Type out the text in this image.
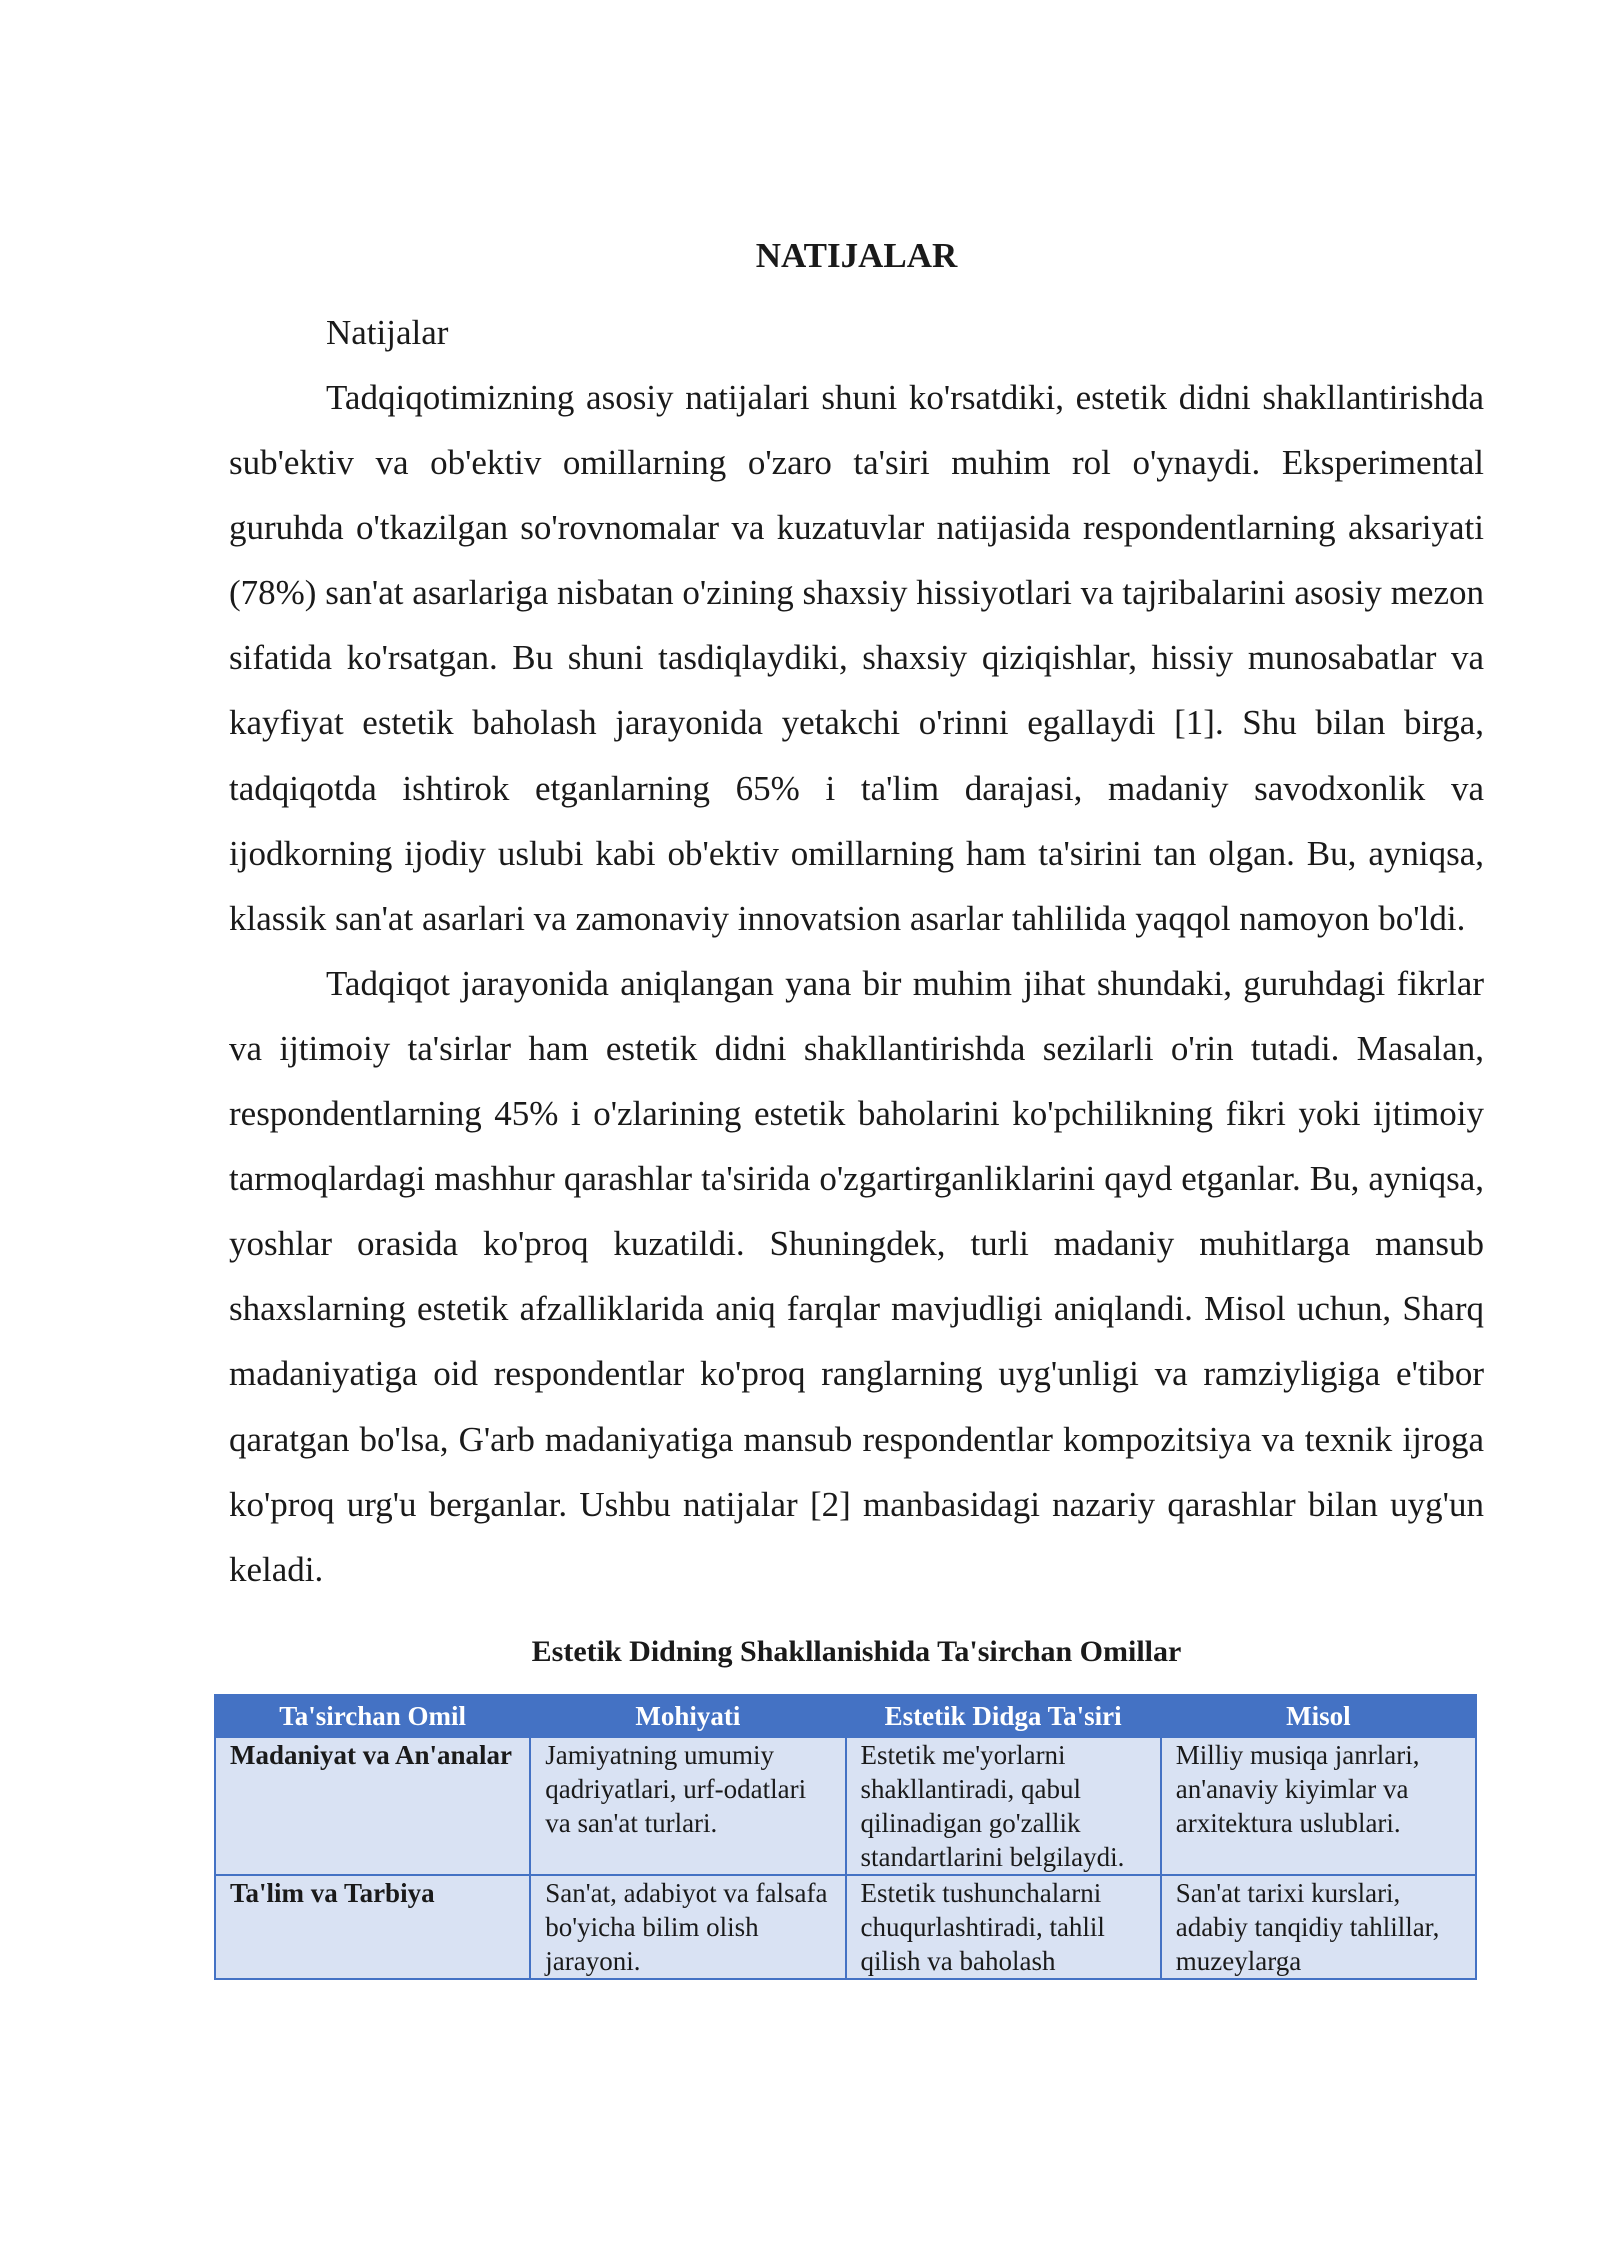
NATIJALAR

Natijalar

Tadqiqotimizning asosiy natijalari shuni ko'rsatdiki, estetik didni shakllantirishda sub'ektiv va ob'ektiv omillarning o'zaro ta'siri muhim rol o'ynaydi. Eksperimental guruhda o'tkazilgan so'rovnomalar va kuzatuvlar natijasida respondentlarning aksariyati (78%) san'at asarlariga nisbatan o'zining shaxsiy hissiyotlari va tajribalarini asosiy mezon sifatida ko'rsatgan. Bu shuni tasdiqlaydiki, shaxsiy qiziqishlar, hissiy munosabatlar va kayfiyat estetik baholash jarayonida yetakchi o'rinni egallaydi [1]. Shu bilan birga, tadqiqotda ishtirok etganlarning 65% i ta'lim darajasi, madaniy savodxonlik va ijodkorning ijodiy uslubi kabi ob'ektiv omillarning ham ta'sirini tan olgan. Bu, ayniqsa, klassik san'at asarlari va zamonaviy innovatsion asarlar tahlilida yaqqol namoyon bo'ldi.

Tadqiqot jarayonida aniqlangan yana bir muhim jihat shundaki, guruhdagi fikrlar va ijtimoiy ta'sirlar ham estetik didni shakllantirishda sezilarli o'rin tutadi. Masalan, respondentlarning 45% i o'zlarining estetik baholarini ko'pchilikning fikri yoki ijtimoiy tarmoqlardagi mashhur qarashlar ta'sirida o'zgartirganliklarini qayd etganlar. Bu, ayniqsa, yoshlar orasida ko'proq kuzatildi. Shuningdek, turli madaniy muhitlarga mansub shaxslarning estetik afzalliklarida aniq farqlar mavjudligi aniqlandi. Misol uchun, Sharq madaniyatiga oid respondentlar ko'proq ranglarning uyg'unligi va ramziyligiga e'tibor qaratgan bo'lsa, G'arb madaniyatiga mansub respondentlar kompozitsiya va texnik ijroga ko'proq urg'u berganlar. Ushbu natijalar [2] manbasidagi nazariy qarashlar bilan uyg'un keladi.

Estetik Didning Shakllanishida Ta'sirchan Omillar
Ta'sirchan Omil	Mohiyati	Estetik Didga Ta'siri	Misol
Madaniyat va An'analar	Jamiyatning umumiy qadriyatlari, urf-odatlari va san'at turlari.	Estetik me'yorlarni shakllantiradi, qabul qilinadigan go'zallik standartlarini belgilaydi.	Milliy musiqa janrlari, an'anaviy kiyimlar va arxitektura uslublari.
Ta'lim va Tarbiya	San'at, adabiyot va falsafa bo'yicha bilim olish jarayoni.	Estetik tushunchalarni chuqurlashtiradi, tahlil qilish va baholash	San'at tarixi kurslari, adabiy tanqidiy tahlillar, muzeylarga
